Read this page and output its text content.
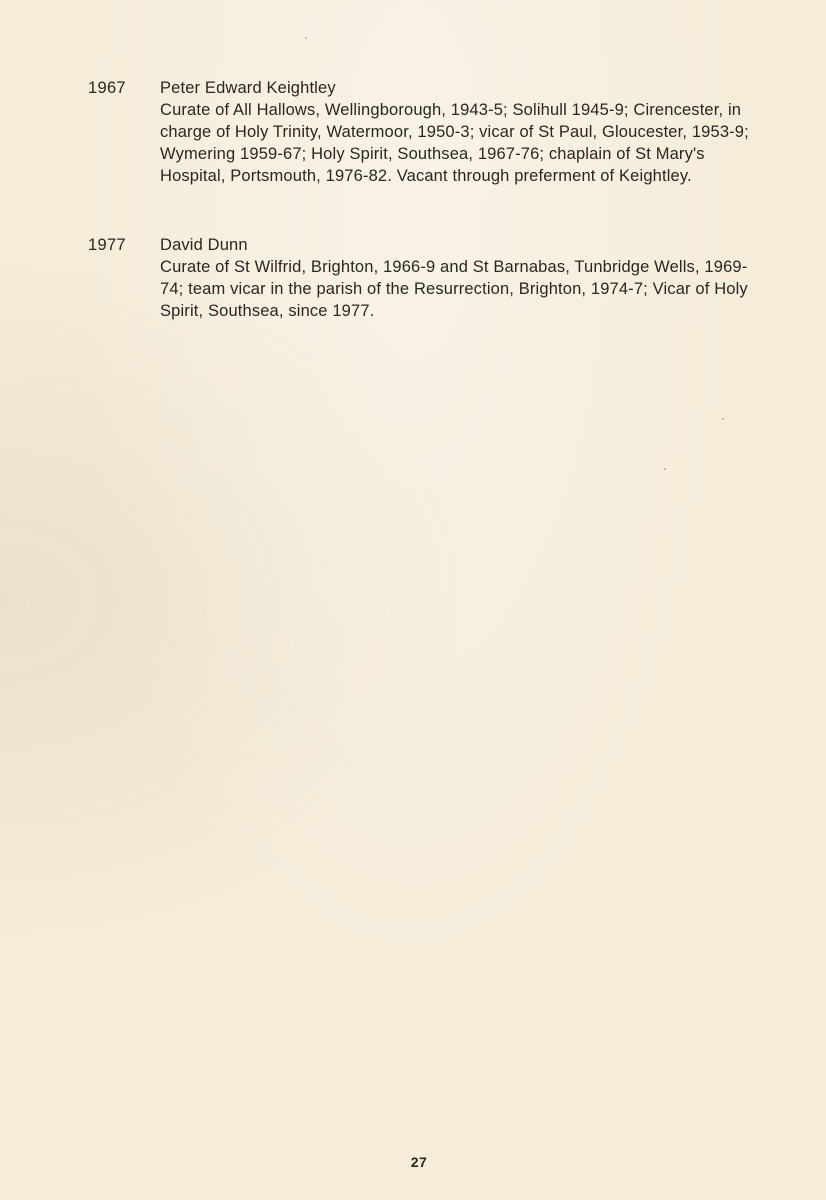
1967	Peter Edward Keightley
Curate of All Hallows, Wellingborough, 1943-5; Solihull 1945-9; Cirencester, in charge of Holy Trinity, Watermoor, 1950-3; vicar of St Paul, Gloucester, 1953-9; Wymering 1959-67; Holy Spirit, Southsea, 1967-76; chaplain of St Mary's Hospital, Portsmouth, 1976-82. Vacant through preferment of Keightley.
1977	David Dunn
Curate of St Wilfrid, Brighton, 1966-9 and St Barnabas, Tunbridge Wells, 1969-74; team vicar in the parish of the Resurrection, Brighton, 1974-7; Vicar of Holy Spirit, Southsea, since 1977.
27
